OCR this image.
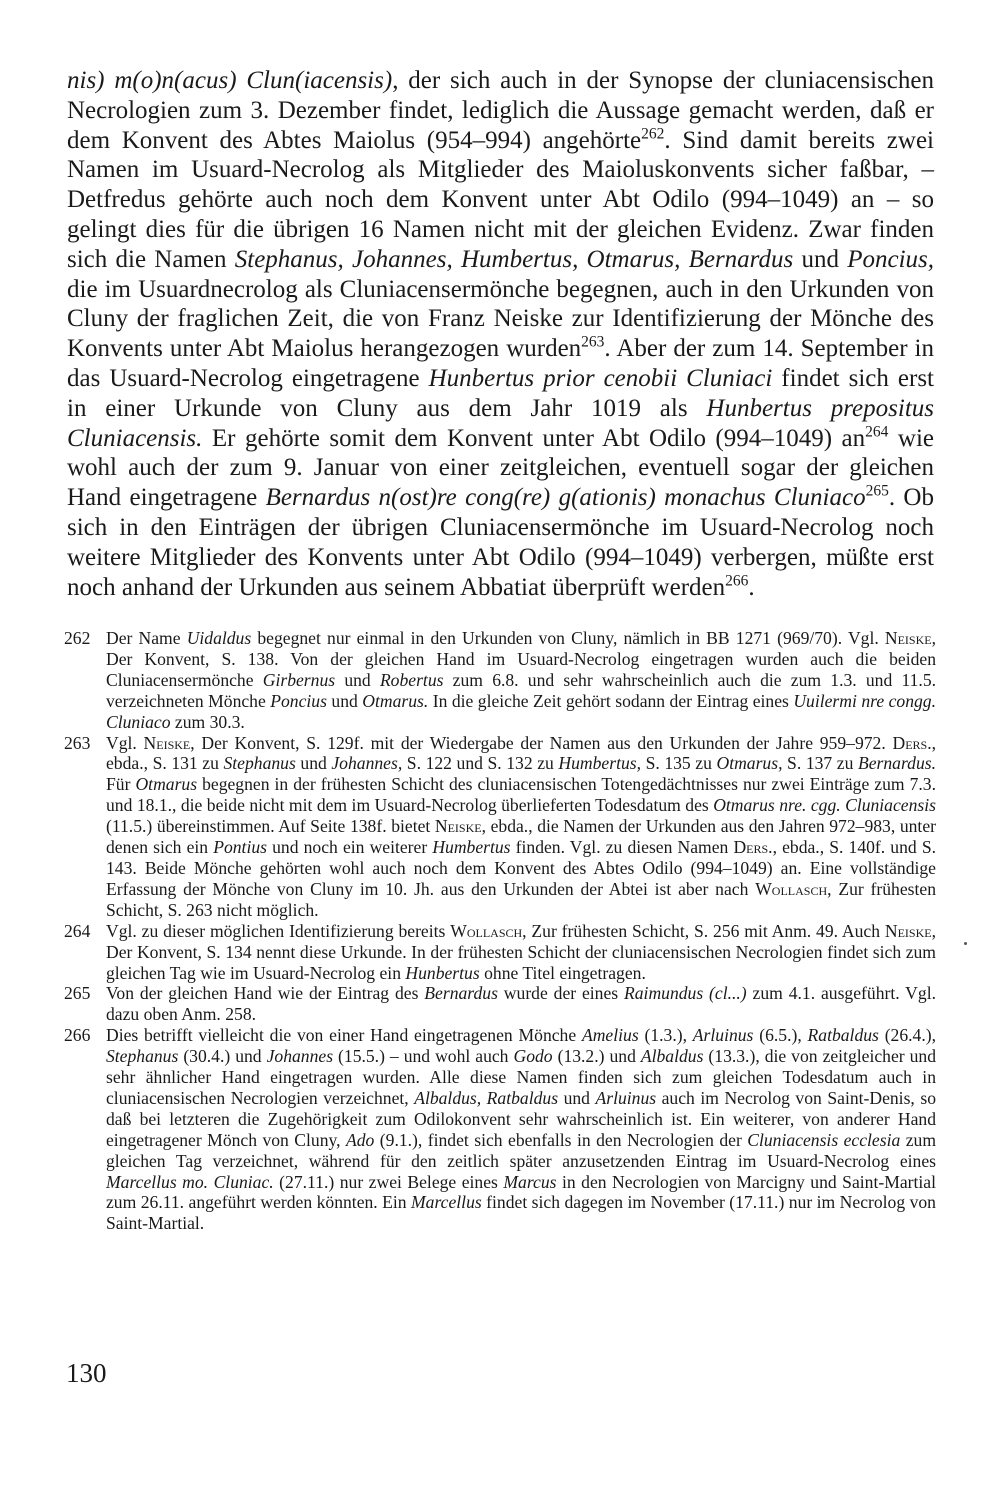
nis) m(o)n(acus) Clun(iacensis), der sich auch in der Synopse der cluniacensischen Necrologien zum 3. Dezember findet, lediglich die Aussage gemacht werden, daß er dem Konvent des Abtes Maiolus (954–994) angehörte$^{262}$. Sind damit bereits zwei Namen im Usuard-Necrolog als Mitglieder des Maioluskonvents sicher faßbar, – Detfredus gehörte auch noch dem Konvent unter Abt Odilo (994–1049) an – so gelingt dies für die übrigen 16 Namen nicht mit der gleichen Evidenz. Zwar finden sich die Namen Stephanus, Johannes, Humbertus, Otmarus, Bernardus und Poncius, die im Usuardnecrolog als Cluniacensermönche begegnen, auch in den Urkunden von Cluny der fraglichen Zeit, die von Franz Neiske zur Identifizierung der Mönche des Konvents unter Abt Maiolus herangezogen wurden$^{263}$. Aber der zum 14. September in das Usuard-Necrolog eingetragene Hunbertus prior cenobii Cluniaci findet sich erst in einer Urkunde von Cluny aus dem Jahr 1019 als Hunbertus prepositus Cluniacensis. Er gehörte somit dem Konvent unter Abt Odilo (994–1049) $an^{264}$ wie wohl auch der zum 9. Januar von einer zeitgleichen, eventuell sogar der gleichen Hand eingetragene Bernardus n(ost)re cong(re) g(ationis) monachus Cluniaco$^{265}$. Ob sich in den Einträgen der übrigen Cluniacensermönche im Usuard-Necrolog noch weitere Mitglieder des Konvents unter Abt Odilo (994–1049) verbergen, müßte erst noch anhand der Urkunden aus seinem Abbatiat überprüft werden$^{266}$.

262 Der Name Uidaldus begegnet nur einmal in den Urkunden von Cluny, nämlich in BB 1271 (969/70). Vgl. Neiske, Der Konvent, S. 138. Von der gleichen Hand im Usuard-Necrolog eingetragen wurden auch die beiden Cluniacensermönche Girbernus und Robertus zum 6.8. und sehr wahrscheinlich auch die zum 1.3. und 11.5. verzeichneten Mönche Poncius und Otmarus. In die gleiche Zeit gehört sodann der Eintrag eines Uuilermi nre congg. Cluniaco zum 30.3.
263 Vgl. Neiske, Der Konvent, S. 129f. mit der Wiedergabe der Namen aus den Urkunden der Jahre 959–972. Ders., ebda., S. 131 zu Stephanus und Johannes, S. 122 und S. 132 zu Humbertus, S. 135 zu Otmarus, S. 137 zu Bernardus. Für Otmarus begegnen in der frühesten Schicht des cluniacensischen Totengedächtnisses nur zwei Einträge zum 7.3. und 18.1., die beide nicht mit dem im Usuard-Necrolog überlieferten Todesdatum des Otmarus nre. cgg. Cluniacensis (11.5.) übereinstimmen. Auf Seite 138f. bietet Neiske, ebda., die Namen der Urkunden aus den Jahren 972–983, unter denen sich ein Pontius und noch ein weiterer Humbertus finden. Vgl. zu diesen Namen Ders., ebda., S. 140f. und S. 143. Beide Mönche gehörten wohl auch noch dem Konvent des Abtes Odilo (994–1049) an. Eine vollständige Erfassung der Mönche von Cluny im 10. Jh. aus den Urkunden der Abtei ist aber nach Wollasch, Zur frühesten Schicht, S. 263 nicht möglich.
264 Vgl. zu dieser möglichen Identifizierung bereits Wollasch, Zur frühesten Schicht, S. 256 mit Anm. 49. Auch Neiske, Der Konvent, S. 134 nennt diese Urkunde. In der frühesten Schicht der cluniacensischen Necrologien findet sich zum gleichen Tag wie im Usuard-Necrolog ein Hunbertus ohne Titel eingetragen.
265 Von der gleichen Hand wie der Eintrag des Bernardus wurde der eines Raimundus (cl...) zum 4.1. ausgeführt. Vgl. dazu oben Anm. 258.
266 Dies betrifft vielleicht die von einer Hand eingetragenen Mönche Amelius (1.3.), Arluinus (6.5.), Ratbaldus (26.4.), Stephanus (30.4.) und Johannes (15.5.) – und wohl auch Godo (13.2.) und Albaldus (13.3.), die von zeitgleicher und sehr ähnlicher Hand eingetragen wurden. Alle diese Namen finden sich zum gleichen Todesdatum auch in cluniacensischen Necrologien verzeichnet, Albaldus, Ratbaldus und Arluinus auch im Necrolog von Saint-Denis, so daß bei letzteren die Zugehörigkeit zum Odilokonvent sehr wahrscheinlich ist. Ein weiterer, von anderer Hand eingetragener Mönch von Cluny, Ado (9.1.), findet sich ebenfalls in den Necrologien der Cluniacensis ecclesia zum gleichen Tag verzeichnet, während für den zeitlich später anzusetzenden Eintrag im Usuard-Necrolog eines Marcellus mo. Cluniac. (27.11.) nur zwei Belege eines Marcus in den Necrologien von Marcigny und Saint-Martial zum 26.11. angeführt werden könnten. Ein Marcellus findet sich dagegen im November (17.11.) nur im Necrolog von Saint-Martial.
130
